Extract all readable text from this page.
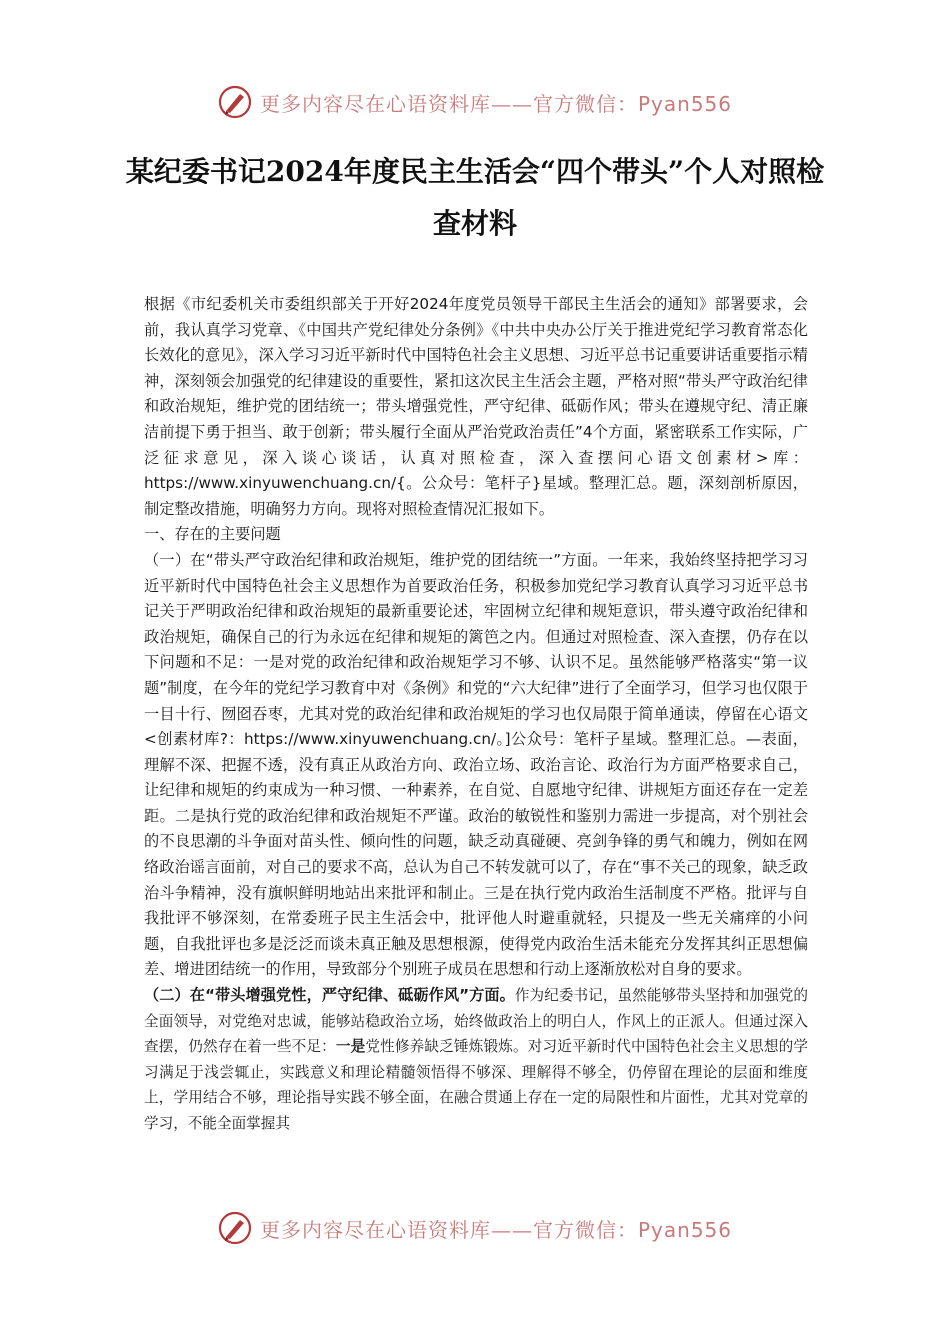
更多内容尽在心语资料库——官方微信：Pyan556
某纪委书记2024年度民主生活会“四个带头”个人对照检查材料

根据《市纪委机关市委组织部关于开好2024年度党员领导干部民主生活会的通知》部署要求，会前，我认真学习党章、《中国共产党纪律处分条例》《中共中央办公厅关于推进党纪学习教育常态化长效化的意见》，深入学习习近平新时代中国特色社会主义思想、习近平总书记重要讲话重要指示精神，深刻领会加强党的纪律建设的重要性，紧扣这次民主生活会主题，严格对照“带头严守政治纪律和政治规矩，维护党的团结统一；带头增强党性，严守纪律、砥砺作风；带头在遵规守纪、清正廉洁前提下勇于担当、敢于创新；带头履行全面从严治党政治责任”4个方面，紧密联系工作实际，广泛征求意见，深入谈心谈话，认真对照检查，深入查摆问心语文创素材>库：https://www.xinyuwenchuang.cn/{。公众号：笔杆子}星域。整理汇总。题，深刻剖析原因，制定整改措施，明确努力方向。现将对照检查情况汇报如下。

一、存在的主要问题

（一）在“带头严守政治纪律和政治规矩，维护党的团结统一”方面。一年来，我始终坚持把学习习近平新时代中国特色社会主义思想作为首要政治任务，积极参加党纪学习教育认真学习习近平总书记关于严明政治纪律和政治规矩的最新重要论述，牢固树立纪律和规矩意识，带头遵守政治纪律和政治规矩，确保自己的行为永远在纪律和规矩的篱笆之内。但通过对照检查、深入查摆，仍存在以下问题和不足：一是对党的政治纪律和政治规矩学习不够、认识不足。虽然能够严格落实“第一议题”制度，在今年的党纪学习教育中对《条例》和党的“六大纪律”进行了全面学习，但学习也仅限于一目十行、囫囵吞枣，尤其对党的政治纪律和政治规矩的学习也仅局限于简单通读，停留在心语文<创素材库?：https://www.xinyuwenchuang.cn/。]公众号：笔杆子星域。整理汇总。—表面，理解不深、把握不透，没有真正从政治方向、政治立场、政治言论、政治行为方面严格要求自己，让纪律和规矩的约束成为一种习惯、一种素养，在自觉、自愿地守纪律、讲规矩方面还存在一定差距。二是执行党的政治纪律和政治规矩不严谨。政治的敏锐性和鉴别力需进一步提高，对个别社会的不良思潮的斗争面对苗头性、倾向性的问题，缺乏动真碰硬、亮剑争锋的勇气和魄力，例如在网络政治谣言面前，对自己的要求不高，总认为自己不转发就可以了，存在“事不关己的现象，缺乏政治斗争精神，没有旗帜鲜明地站出来批评和制止。三是在执行党内政治生活制度不严格。批评与自我批评不够深刻，在常委班子民主生活会中，批评他人时避重就轻，只提及一些无关痛痒的小问题，自我批评也多是泛泛而谈未真正触及思想根源，使得党内政治生活未能充分发挥其纠正思想偏差、增进团结统一的作用，导致部分个别班子成员在思想和行动上逐渐放松对自身的要求。

（二）在“带头增强党性，严守纪律、砥砺作风”方面。作为纪委书记，虽然能够带头坚持和加强党的全面领导，对党绝对忠诚，能够站稳政治立场，始终做政治上的明白人，作风上的正派人。但通过深入查摆，仍然存在着一些不足：一是党性修养缺乏锤炼锻炼。对习近平新时代中国特色社会主义思想的学习满足于浅尝辄止，实践意义和理论精髓领悟得不够深、理解得不够全，仍停留在理论的层面和维度上，学用结合不够，理论指导实践不够全面，在融合贯通上存在一定的局限性和片面性，尤其对党章的学习，不能全面掌握其

更多内容尽在心语资料库——官方微信：Pyan556
